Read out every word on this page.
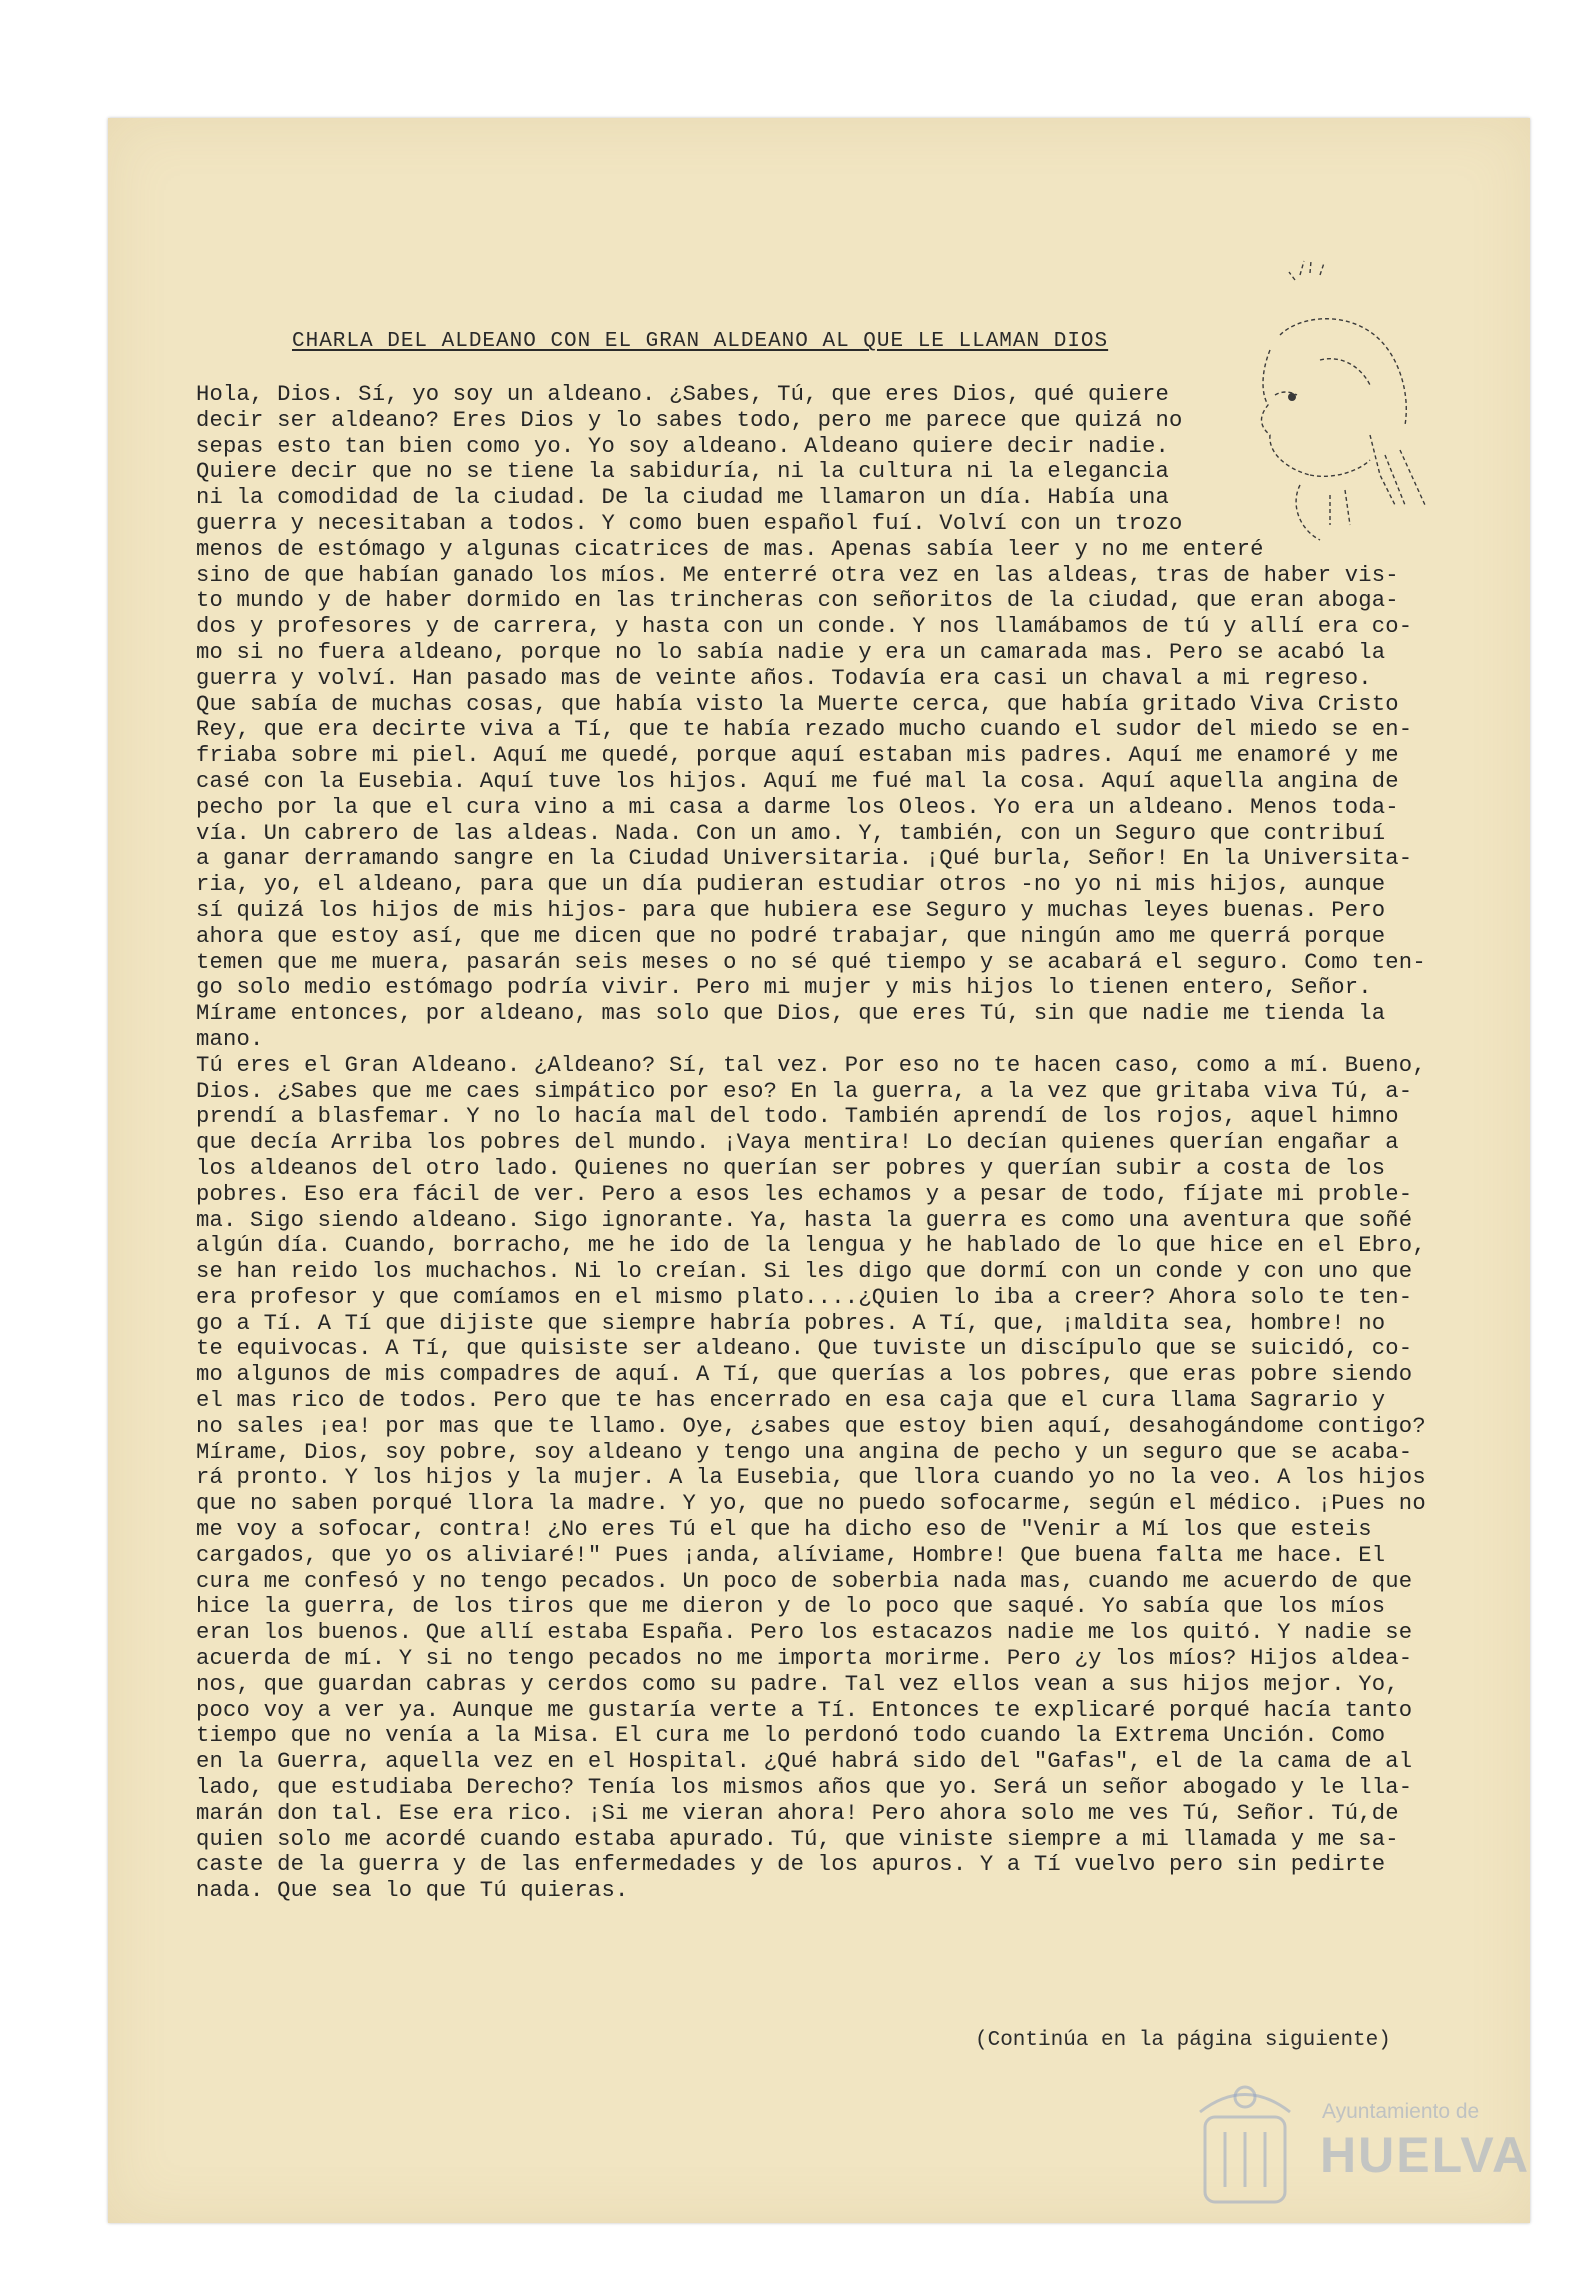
CHARLA DEL ALDEANO CON EL GRAN ALDEANO AL QUE LE LLAMAN DIOS
Hola, Dios. Sí, yo soy un aldeano. ¿Sabes, Tú, que eres Dios, qué quiere
decir ser aldeano? Eres Dios y lo sabes todo, pero me parece que quizá no
sepas esto tan bien como yo. Yo soy aldeano. Aldeano quiere decir nadie.
Quiere decir que no se tiene la sabiduría, ni la cultura ni la elegancia
ni la comodidad de la ciudad. De la ciudad me llamaron un día. Había una
guerra y necesitaban a todos. Y como buen español fuí. Volví con un trozo
menos de estómago y algunas cicatrices de mas. Apenas sabía leer y no me enteré
sino de que habían ganado los míos. Me enterré otra vez en las aldeas, tras de haber vis-
to mundo y de haber dormido en las trincheras con señoritos de la ciudad, que eran aboga-
dos y profesores y de carrera, y hasta con un conde. Y nos llamábamos de tú y allí era co-
mo si no fuera aldeano, porque no lo sabía nadie y era un camarada mas. Pero se acabó la
guerra y volví. Han pasado mas de veinte años. Todavía era casi un chaval a mi regreso.
Que sabía de muchas cosas, que había visto la Muerte cerca, que había gritado Viva Cristo
Rey, que era decirte viva a Tí, que te había rezado mucho cuando el sudor del miedo se en-
friaba sobre mi piel. Aquí me quedé, porque aquí estaban mis padres. Aquí me enamoré y me
casé con la Eusebia. Aquí tuve los hijos. Aquí me fué mal la cosa. Aquí aquella angina de
pecho por la que el cura vino a mi casa a darme los Oleos. Yo era un aldeano. Menos toda-
vía. Un cabrero de las aldeas. Nada. Con un amo. Y, también, con un Seguro que contribuí
a ganar derramando sangre en la Ciudad Universitaria. ¡Qué burla, Señor! En la Universita-
ria, yo, el aldeano, para que un día pudieran estudiar otros -no yo ni mis hijos, aunque
sí quizá los hijos de mis hijos- para que hubiera ese Seguro y muchas leyes buenas. Pero
ahora que estoy así, que me dicen que no podré trabajar, que ningún amo me querrá porque
temen que me muera, pasarán seis meses o no sé qué tiempo y se acabará el seguro. Como ten-
go solo medio estómago podría vivir. Pero mi mujer y mis hijos lo tienen entero, Señor.
Mírame entonces, por aldeano, mas solo que Dios, que eres Tú, sin que nadie me tienda la
mano.
Tú eres el Gran Aldeano. ¿Aldeano? Sí, tal vez. Por eso no te hacen caso, como a mí. Bueno,
Dios. ¿Sabes que me caes simpático por eso? En la guerra, a la vez que gritaba viva Tú, a-
prendí a blasfemar. Y no lo hacía mal del todo. También aprendí de los rojos, aquel himno
que decía Arriba los pobres del mundo. ¡Vaya mentira! Lo decían quienes querían engañar a
los aldeanos del otro lado. Quienes no querían ser pobres y querían subir a costa de los
pobres. Eso era fácil de ver. Pero a esos les echamos y a pesar de todo, fíjate mi proble-
ma. Sigo siendo aldeano. Sigo ignorante. Ya, hasta la guerra es como una aventura que soñé
algún día. Cuando, borracho, me he ido de la lengua y he hablado de lo que hice en el Ebro,
se han reido los muchachos. Ni lo creían. Si les digo que dormí con un conde y con uno que
era profesor y que comíamos en el mismo plato....¿Quien lo iba a creer? Ahora solo te ten-
go a Tí. A Tí que dijiste que siempre habría pobres. A Tí, que, ¡maldita sea, hombre! no
te equivocas. A Tí, que quisiste ser aldeano. Que tuviste un discípulo que se suicidó, co-
mo algunos de mis compadres de aquí. A Tí, que querías a los pobres, que eras pobre siendo
el mas rico de todos. Pero que te has encerrado en esa caja que el cura llama Sagrario y
no sales ¡ea! por mas que te llamo. Oye, ¿sabes que estoy bien aquí, desahogándome contigo?
Mírame, Dios, soy pobre, soy aldeano y tengo una angina de pecho y un seguro que se acaba-
rá pronto. Y los hijos y la mujer. A la Eusebia, que llora cuando yo no la veo. A los hijos
que no saben porqué llora la madre. Y yo, que no puedo sofocarme, según el médico. ¡Pues no
me voy a sofocar, contra! ¿No eres Tú el que ha dicho eso de "Venir a Mí los que esteis
cargados, que yo os aliviaré!" Pues ¡anda, alíviame, Hombre! Que buena falta me hace. El
cura me confesó y no tengo pecados. Un poco de soberbia nada mas, cuando me acuerdo de que
hice la guerra, de los tiros que me dieron y de lo poco que saqué. Yo sabía que los míos
eran los buenos. Que allí estaba España. Pero los estacazos nadie me los quitó. Y nadie se
acuerda de mí. Y si no tengo pecados no me importa morirme. Pero ¿y los míos? Hijos aldea-
nos, que guardan cabras y cerdos como su padre. Tal vez ellos vean a sus hijos mejor. Yo,
poco voy a ver ya. Aunque me gustaría verte a Tí. Entonces te explicaré porqué hacía tanto
tiempo que no venía a la Misa. El cura me lo perdonó todo cuando la Extrema Unción. Como
en la Guerra, aquella vez en el Hospital. ¿Qué habrá sido del "Gafas", el de la cama de al
lado, que estudiaba Derecho? Tenía los mismos años que yo. Será un señor abogado y le lla-
marán don tal. Ese era rico. ¡Si me vieran ahora! Pero ahora solo me ves Tú, Señor. Tú,de
quien solo me acordé cuando estaba apurado. Tú, que viniste siempre a mi llamada y me sa-
caste de la guerra y de las enfermedades y de los apuros. Y a Tí vuelvo pero sin pedirte
nada. Que sea lo que Tú quieras.
(Continúa en la página siguiente)
Ayuntamiento de
HUELVA
